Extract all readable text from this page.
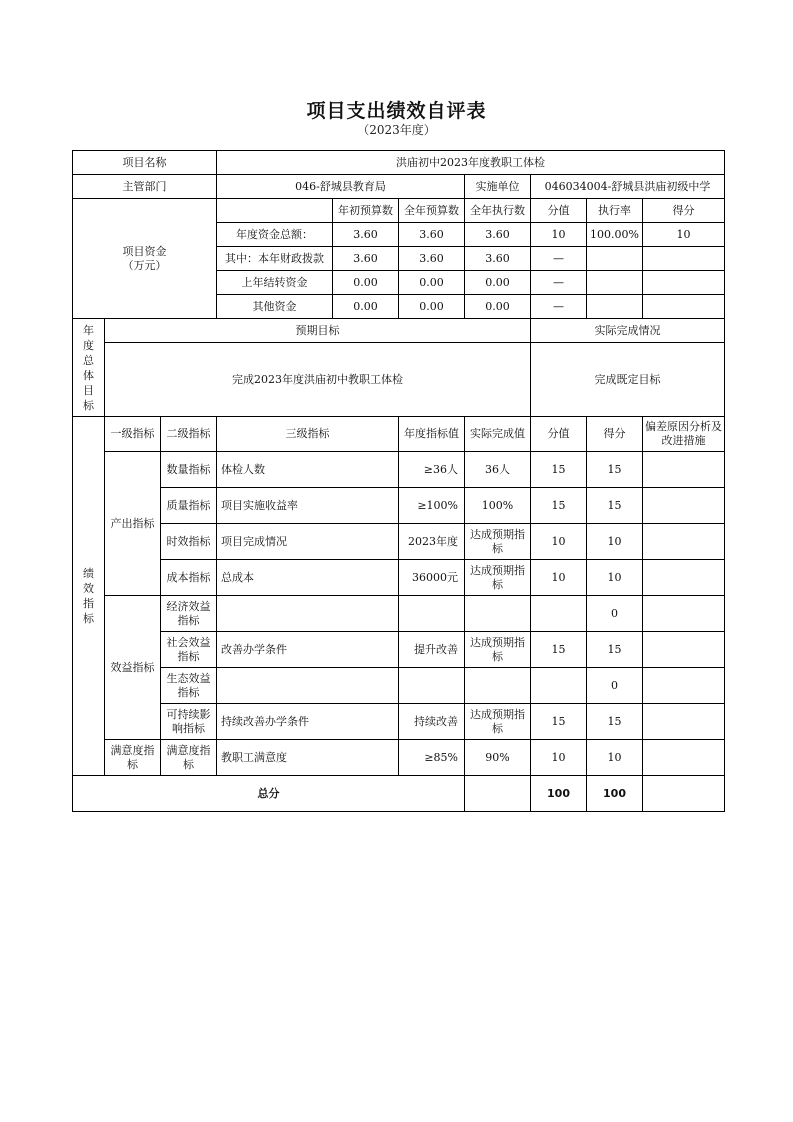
项目支出绩效自评表
（2023年度）
项目名称			洪庙初中2023年度教职工体检						
主管部门			046-舒城县教育局			实施单位	046034004-舒城县洪庙初级中学		

项目资金
（万元）				年初预算数	全年预算数	全年执行数	分值	执行率	得分
			年度资金总额：	3.60	3.60	3.60	10	100.00%	10
			其中：本年财政拨款	3.60	3.60	3.60	—		
			上年结转资金	0.00	0.00	0.00	—		
			其他资金	0.00	0.00	0.00	—		
年度总体目标	预期目标						实际完成情况		
	完成2023年度洪庙初中教职工体检						完成既定目标		
绩效指标	一级指标	二级指标	三级指标		年度指标值	实际完成值	分值	得分	偏差原因分析及改进措施
	产出指标	数量指标	体检人数		≥36人	36人	15	15	
		质量指标	项目实施收益率		≥100%	100%	15	15	
		时效指标	项目完成情况		2023年度	达成预期指标	10	10	
		成本指标	总成本		36000元	达成预期指标	10	10	
	效益指标	经济效益指标						0	
		社会效益指标	改善办学条件		提升改善	达成预期指标	15	15	
		生态效益指标						0	
		可持续影响指标	持续改善办学条件		持续改善	达成预期指标	15	15	
	满意度指标	满意度指标	教职工满意度		≥85%	90%	10	10	
总分							100	100	
